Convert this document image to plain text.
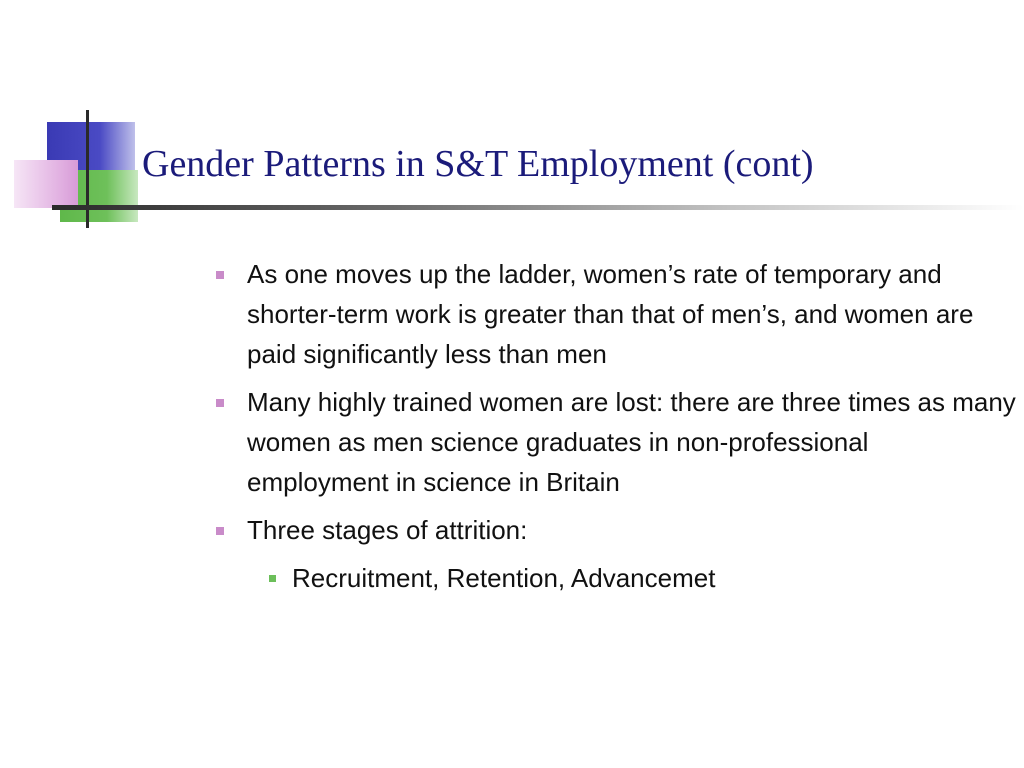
Gender Patterns in S&T Employment (cont)
As one moves up the ladder, women’s rate of temporary and shorter-term work is greater than that of men’s, and women are paid significantly less than men
Many highly trained women are lost: there are three times as many women as men science graduates in non-professional employment in science in Britain
Three stages of attrition:
Recruitment, Retention, Advancemet
